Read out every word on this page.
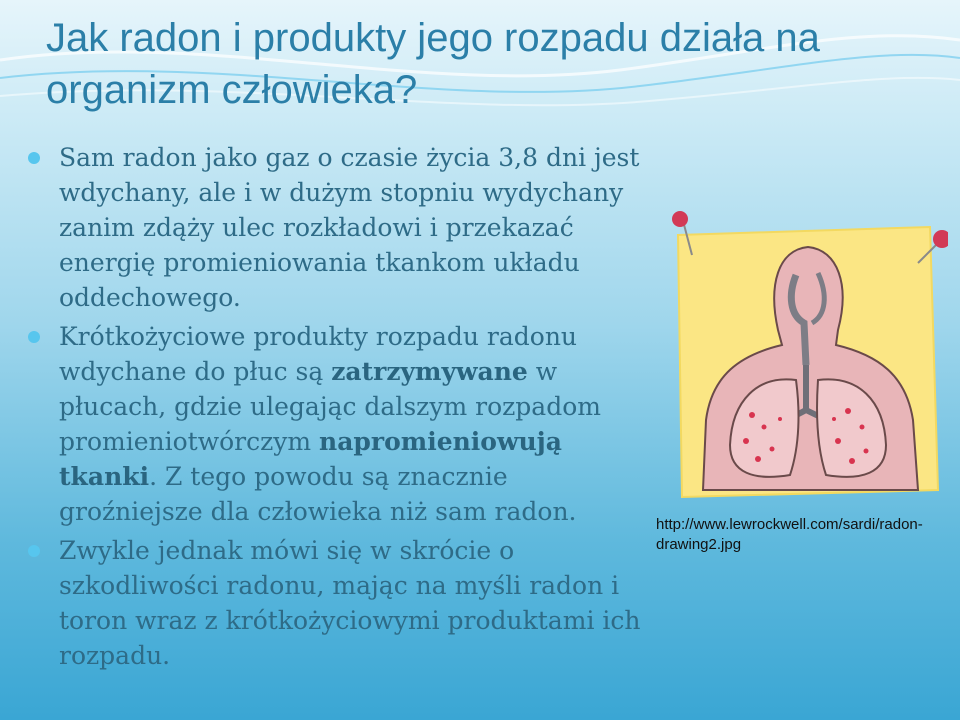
Jak radon i produkty jego rozpadu działa na organizm człowieka?
Sam radon jako gaz o czasie życia 3,8 dni jest wdychany, ale i w dużym stopniu wydychany zanim zdąży ulec rozkładowi i przekazać energię promieniowania tkankom układu oddechowego.
Krótkożyciowe produkty rozpadu radonu wdychane do płuc są zatrzymywane w płucach, gdzie ulegając dalszym rozpadom promieniotwórczym napromieniowują tkanki. Z tego powodu są znacznie groźniejsze dla człowieka niż sam radon.
Zwykle jednak mówi się w skrócie o szkodliwości radonu, mając na myśli radon i toron wraz z krótkożyciowymi produktami ich rozpadu.
http://www.lewrockwell.com/sardi/radon-
drawing2.jpg
